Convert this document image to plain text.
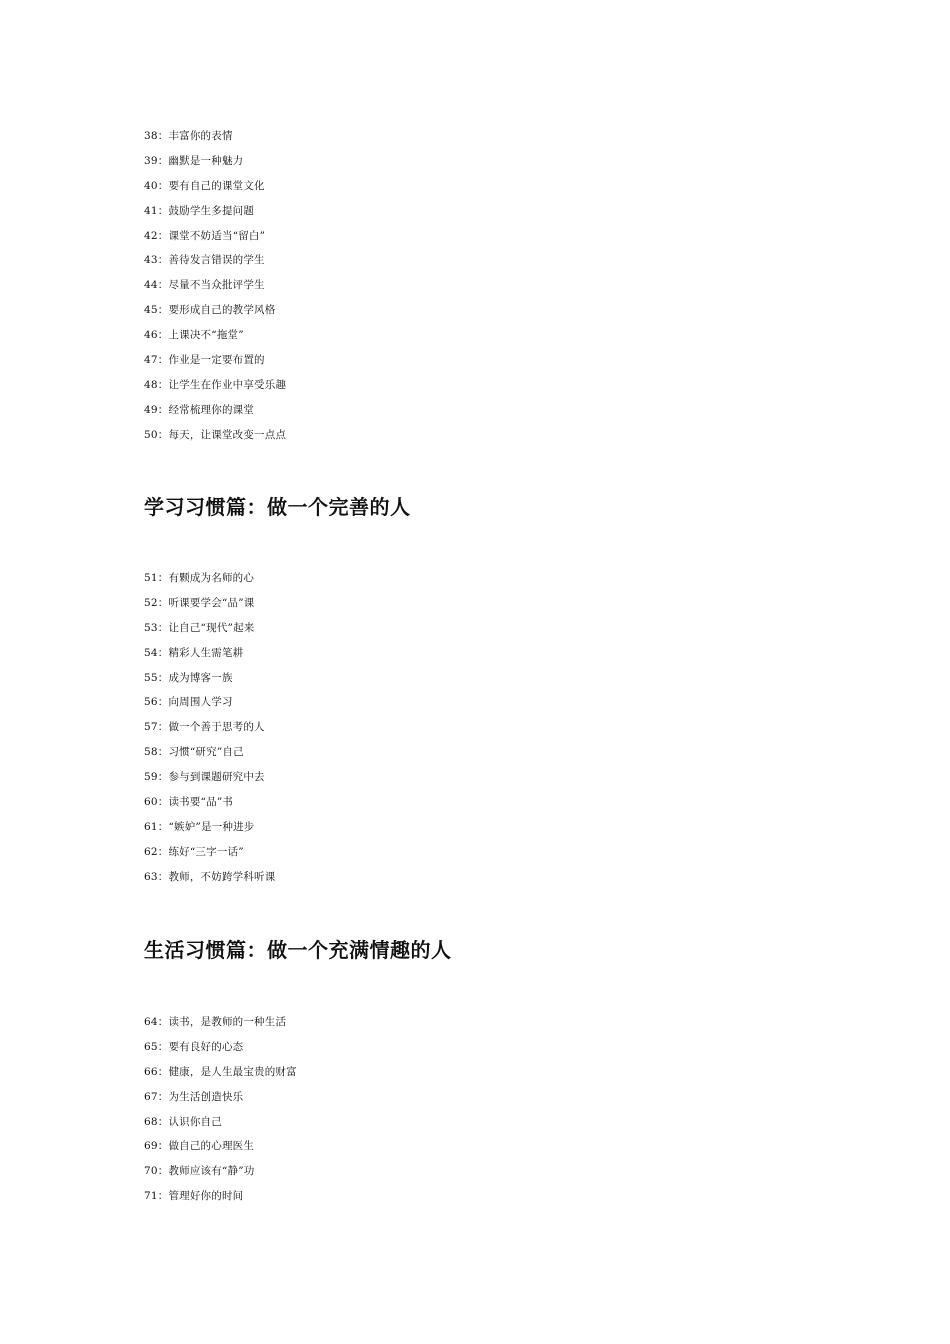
38：丰富你的表情
39：幽默是一种魅力
40：要有自己的课堂文化
41：鼓励学生多提问题
42：课堂不妨适当“留白”
43：善待发言错误的学生
44：尽量不当众批评学生
45：要形成自己的教学风格
46：上课决不“拖堂”
47：作业是一定要布置的
48：让学生在作业中享受乐趣
49：经常梳理你的课堂
50：每天，让课堂改变一点点
学习习惯篇：做一个完善的人
51：有颗成为名师的心
52：听课要学会“品”课
53：让自己“现代”起来
54：精彩人生需笔耕
55：成为博客一族
56：向周围人学习
57：做一个善于思考的人
58：习惯“研究”自己
59：参与到课题研究中去
60：读书要“品”书
61：“嫉妒”是一种进步
62：练好“三字一话”
63：教师，不妨跨学科听课
生活习惯篇：做一个充满情趣的人
64：读书，是教师的一种生活
65：要有良好的心态
66：健康，是人生最宝贵的财富
67：为生活创造快乐
68：认识你自己
69：做自己的心理医生
70：教师应该有“静”功
71：管理好你的时间
